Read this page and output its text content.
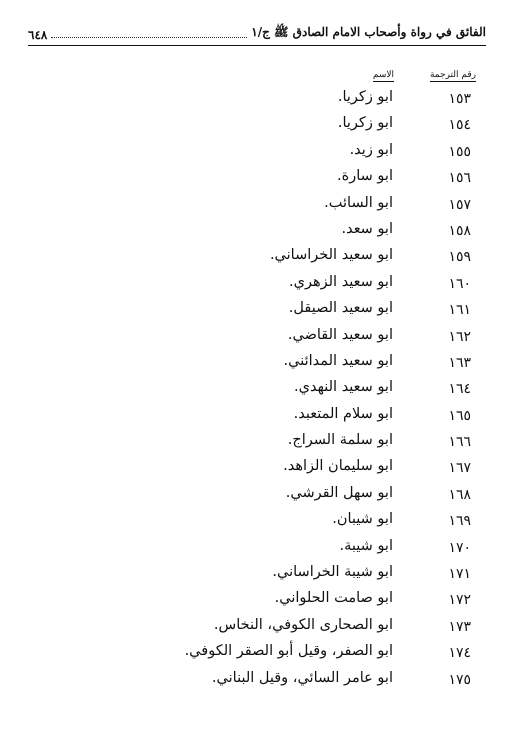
الفائق في رواة وأصحاب الامام الصادق ﷺ ج/١
٦٤٨
رقم الترجمة
الاسم
١٥٣
ابو زكريا.
١٥٤
ابو زكريا.
١٥٥
ابو زيد.
١٥٦
ابو سارة.
١٥٧
ابو السائب.
١٥٨
ابو سعد.
١٥٩
ابو سعيد الخراساني.
١٦٠
ابو سعيد الزهري.
١٦١
ابو سعيد الصيقل.
١٦٢
ابو سعيد القاضي.
١٦٣
ابو سعيد المدائني.
١٦٤
ابو سعيد النهدي.
١٦٥
ابو سلام المتعبد.
١٦٦
ابو سلمة السراج.
١٦٧
ابو سليمان الزاهد.
١٦٨
ابو سهل القرشي.
١٦٩
ابو شيبان.
١٧٠
ابو شيبة.
١٧١
ابو شيبة الخراساني.
١٧٢
ابو صامت الحلواني.
١٧٣
ابو الصحارى الكوفي، النخاس.
١٧٤
ابو الصفر، وقيل أبو الصقر الكوفي.
١٧٥
ابو عامر السائي، وقيل البناني.
